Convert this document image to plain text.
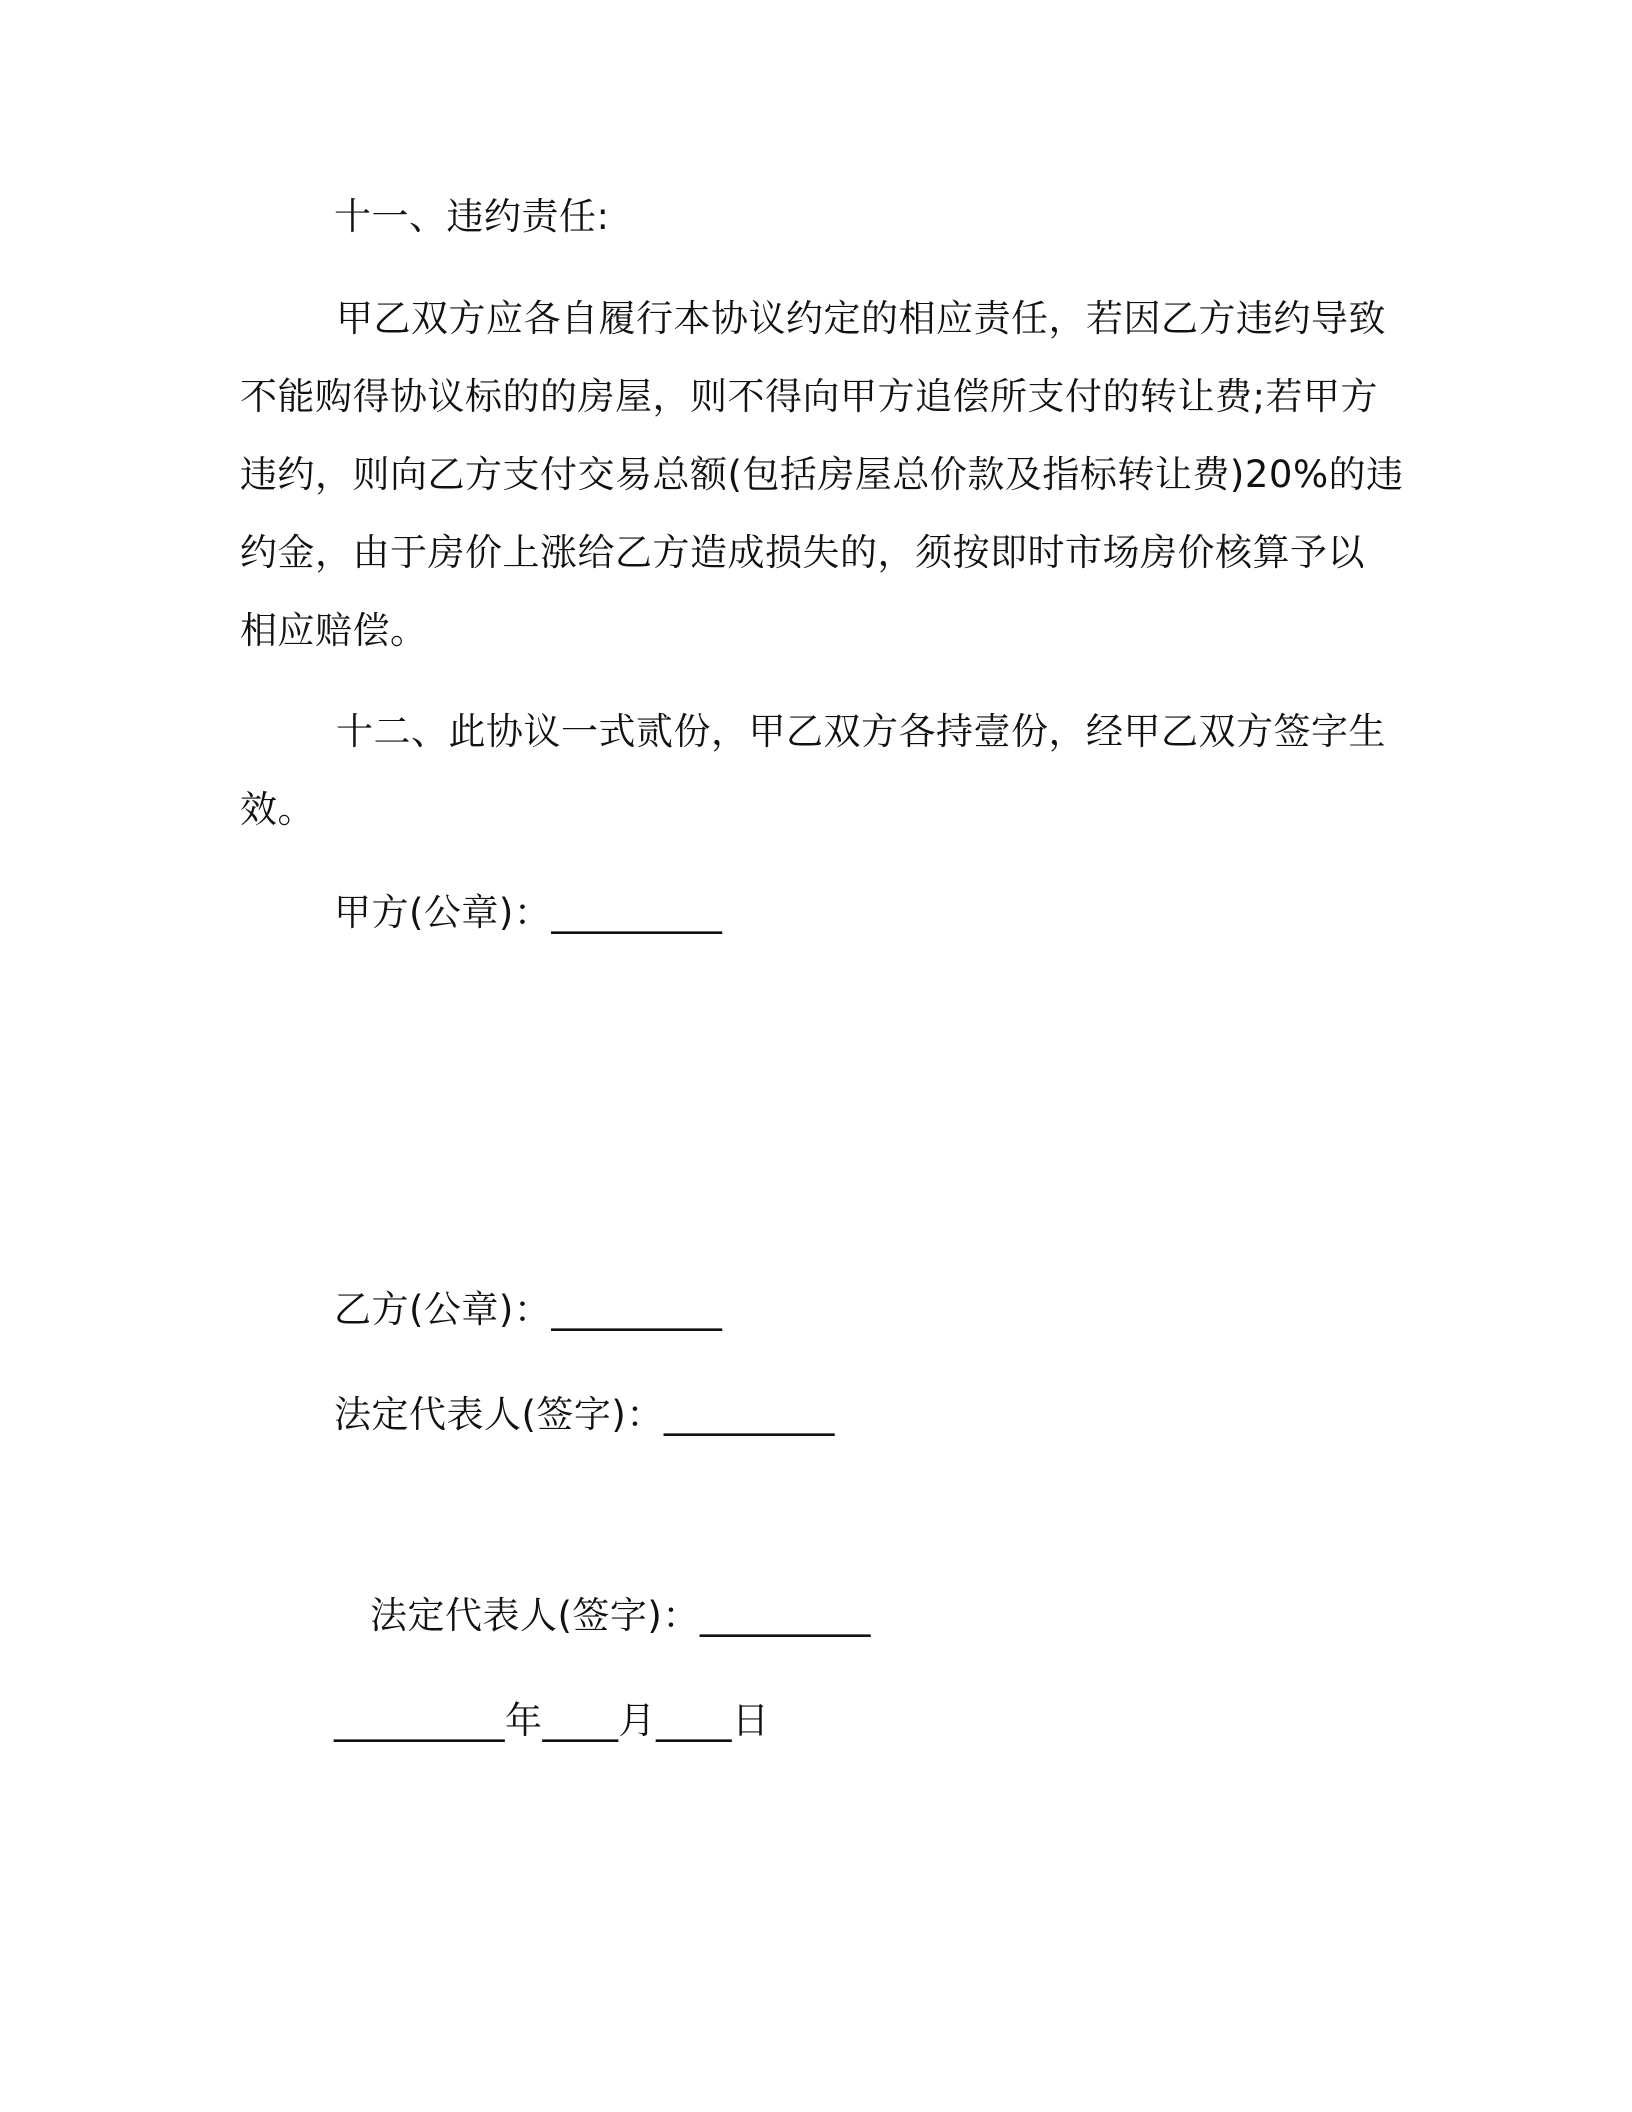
十一、违约责任:
甲乙双方应各自履行本协议约定的相应责任，若因乙方违约导致
不能购得协议标的的房屋，则不得向甲方追偿所支付的转让费;若甲方
违约，则向乙方支付交易总额(包括房屋总价款及指标转让费)20%的违
约金，由于房价上涨给乙方造成损失的，须按即时市场房价核算予以
相应赔偿。
十二、此协议一式贰份，甲乙双方各持壹份，经甲乙双方签字生
效。
甲方(公章)：_________
乙方(公章)：_________
法定代表人(签字)：_________
法定代表人(签字)：_________
_________年____月____日
